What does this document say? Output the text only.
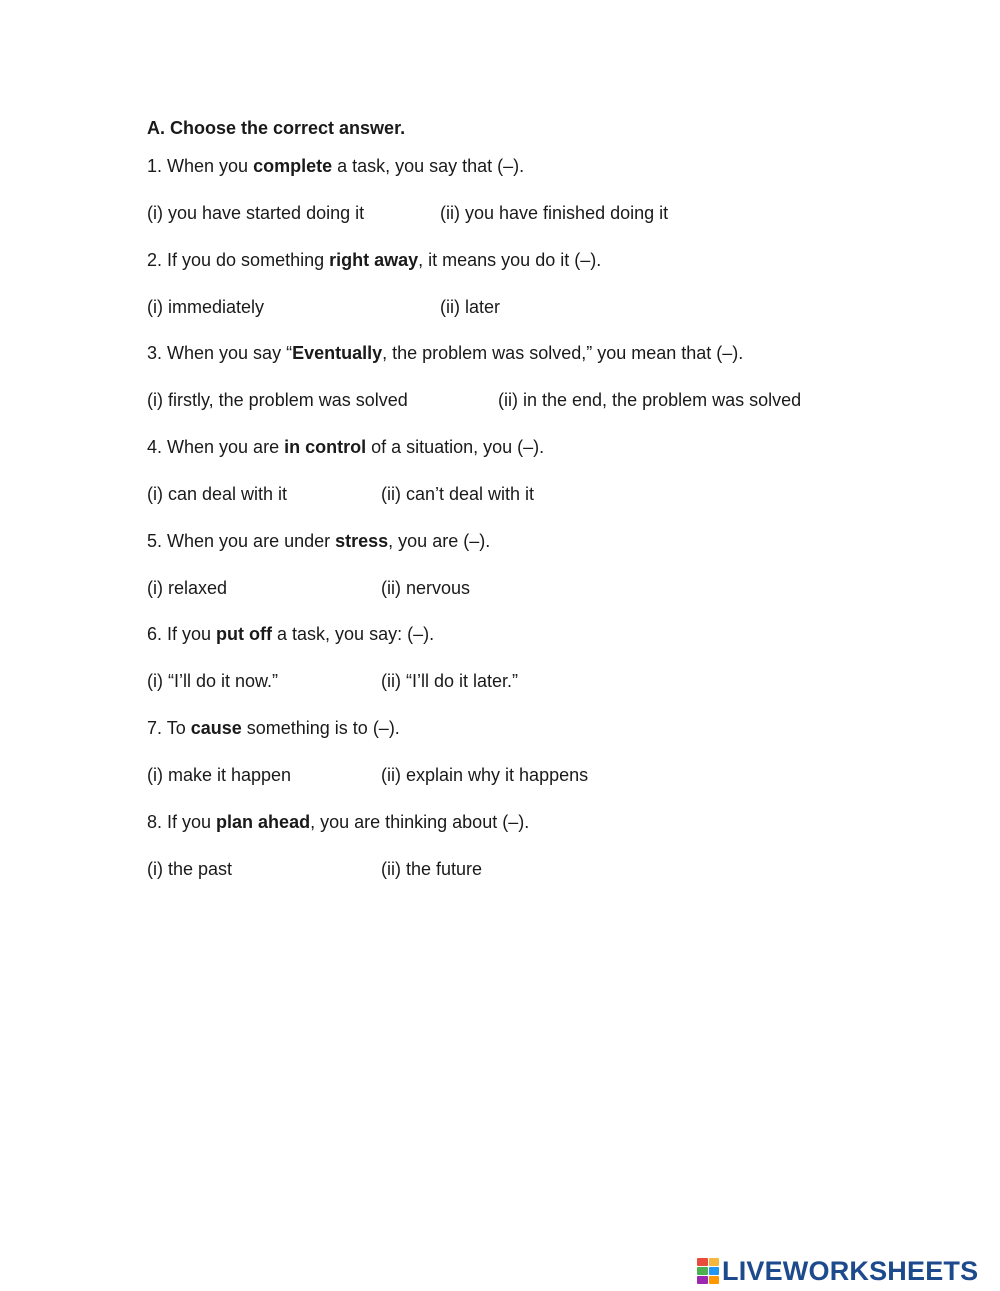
A. Choose the correct answer.
1. When you complete a task, you say that (–).
(i) you have started doing it	(ii) you have finished doing it
2. If you do something right away, it means you do it (–).
(i) immediately	(ii) later
3. When you say “Eventually, the problem was solved,” you mean that (–).
(i) firstly, the problem was solved	(ii) in the end, the problem was solved
4. When you are in control of a situation, you (–).
(i) can deal with it	(ii) can’t deal with it
5. When you are under stress, you are (–).
(i) relaxed	(ii) nervous
6. If you put off a task, you say: (–).
(i) “I’ll do it now.”	(ii) “I’ll do it later.”
7. To cause something is to (–).
(i) make it happen	(ii) explain why it happens
8. If you plan ahead, you are thinking about (–).
(i) the past	(ii) the future
LIVEWORKSHEETS
